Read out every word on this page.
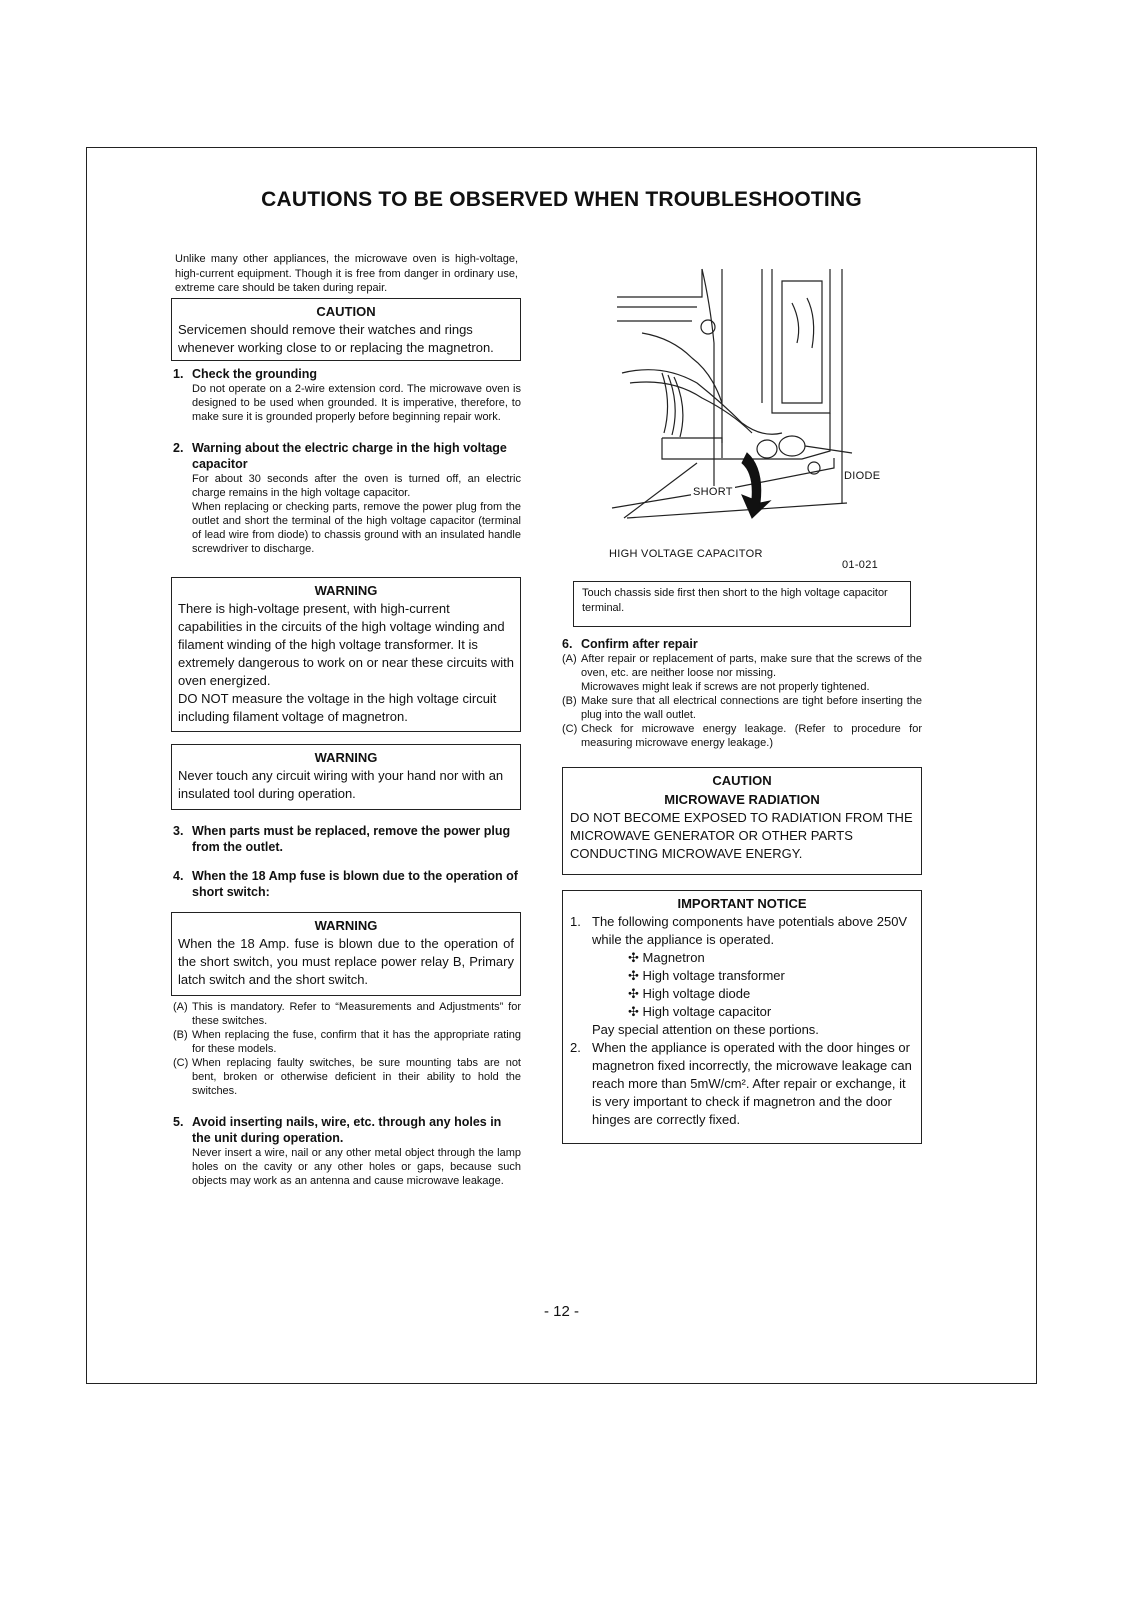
CAUTIONS TO BE OBSERVED WHEN TROUBLESHOOTING
Unlike many other appliances, the microwave oven is high-voltage, high-current equipment. Though it is free from danger in ordinary use, extreme care should be taken during repair.
CAUTION
Servicemen should remove their watches and rings whenever working close to or replacing the magnetron.
1. Check the grounding
Do not operate on a 2-wire extension cord. The microwave oven is designed to be used when grounded. It is imperative, therefore, to make sure it is grounded properly before beginning repair work.
2. Warning about the electric charge in the high voltage capacitor
For about 30 seconds after the oven is turned off, an electric charge remains in the high voltage capacitor.
When replacing or checking parts, remove the power plug from the outlet and short the terminal of the high voltage capacitor (terminal of lead wire from diode) to chassis ground with an insulated handle screwdriver to discharge.
WARNING
There is high-voltage present, with high-current capabilities in the circuits of the high voltage winding and filament winding of the high voltage transformer. It is extremely dangerous to work on or near these circuits with oven energized.
DO NOT measure the voltage in the high voltage circuit including filament voltage of magnetron.
WARNING
Never touch any circuit wiring with your hand nor with an insulated tool during operation.
3. When parts must be replaced, remove the power plug from the outlet.
4. When the 18 Amp fuse is blown due to the operation of short switch:
WARNING
When the 18 Amp. fuse is blown due to the operation of the short switch, you must replace power relay B, Primary latch switch and the short switch.
(A) This is mandatory. Refer to “Measurements and Adjustments” for these switches.
(B) When replacing the fuse, confirm that it has the appropriate rating for these models.
(C) When replacing faulty switches, be sure mounting tabs are not bent, broken or otherwise deficient in their ability to hold the switches.
5. Avoid inserting nails, wire, etc. through any holes in the unit during operation.
Never insert a wire, nail or any other metal object through the lamp holes on the cavity or any other holes or gaps, because such objects may work as an antenna and cause microwave leakage.
SHORT
DIODE
HIGH VOLTAGE CAPACITOR
01-021
Touch chassis side first then short to the high voltage capacitor terminal.
6. Confirm after repair
(A) After repair or replacement of parts, make sure that the screws of the oven, etc. are neither loose nor missing.
Microwaves might leak if screws are not properly tightened.
(B) Make sure that all electrical connections are tight before inserting the plug into the wall outlet.
(C) Check for microwave energy leakage. (Refer to procedure for measuring microwave energy leakage.)
CAUTION
MICROWAVE RADIATION
DO NOT BECOME EXPOSED TO RADIATION FROM THE MICROWAVE GENERATOR OR OTHER PARTS CONDUCTING MICROWAVE ENERGY.
IMPORTANT NOTICE
1. The following components have potentials above 250V while the appliance is operated.
✣ Magnetron
✣ High voltage transformer
✣ High voltage diode
✣ High voltage capacitor
Pay special attention on these portions.
2. When the appliance is operated with the door hinges or magnetron fixed incorrectly, the microwave leakage can reach more than 5mW/cm². After repair or exchange, it is very important to check if magnetron and the door hinges are correctly fixed.
- 12 -
